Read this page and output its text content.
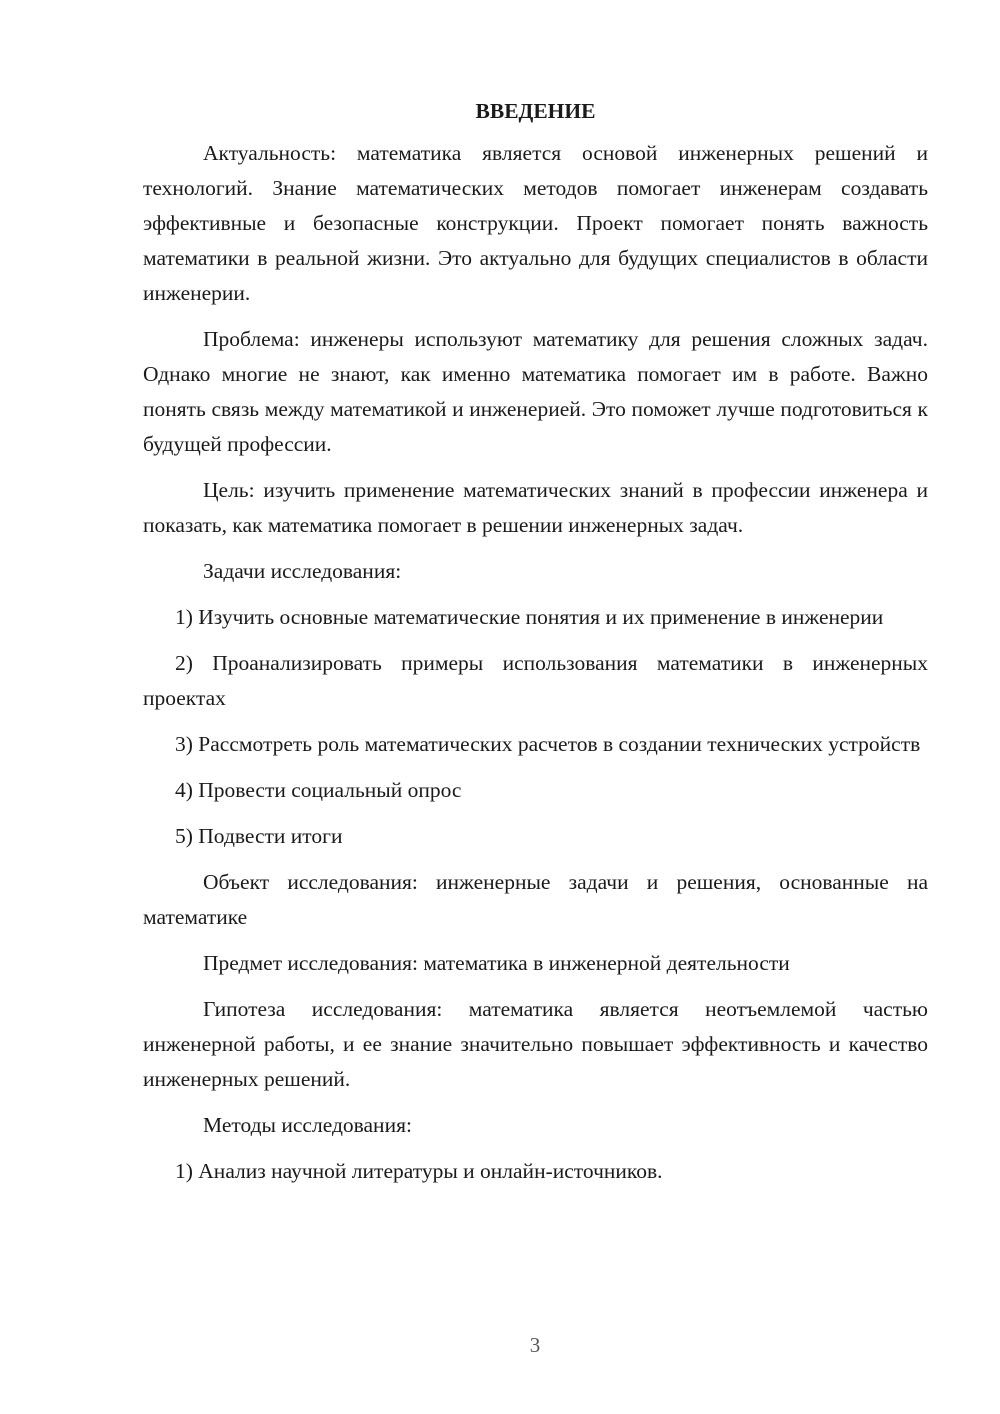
ВВЕДЕНИЕ

Актуальность: математика является основой инженерных решений и технологий. Знание математических методов помогает инженерам создавать эффективные и безопасные конструкции. Проект помогает понять важность математики в реальной жизни. Это актуально для будущих специалистов в области инженерии.

Проблема: инженеры используют математику для решения сложных задач. Однако многие не знают, как именно математика помогает им в работе. Важно понять связь между математикой и инженерией. Это поможет лучше подготовиться к будущей профессии.

Цель: изучить применение математических знаний в профессии инженера и показать, как математика помогает в решении инженерных задач.

Задачи исследования:

1) Изучить основные математические понятия и их применение в инженерии

2) Проанализировать примеры использования математики в инженерных проектах

3) Рассмотреть роль математических расчетов в создании технических устройств

4) Провести социальный опрос

5) Подвести итоги

Объект исследования: инженерные задачи и решения, основанные на математике

Предмет исследования: математика в инженерной деятельности

Гипотеза исследования: математика является неотъемлемой частью инженерной работы, и ее знание значительно повышает эффективность и качество инженерных решений.

Методы исследования:

1) Анализ научной литературы и онлайн-источников.

3
